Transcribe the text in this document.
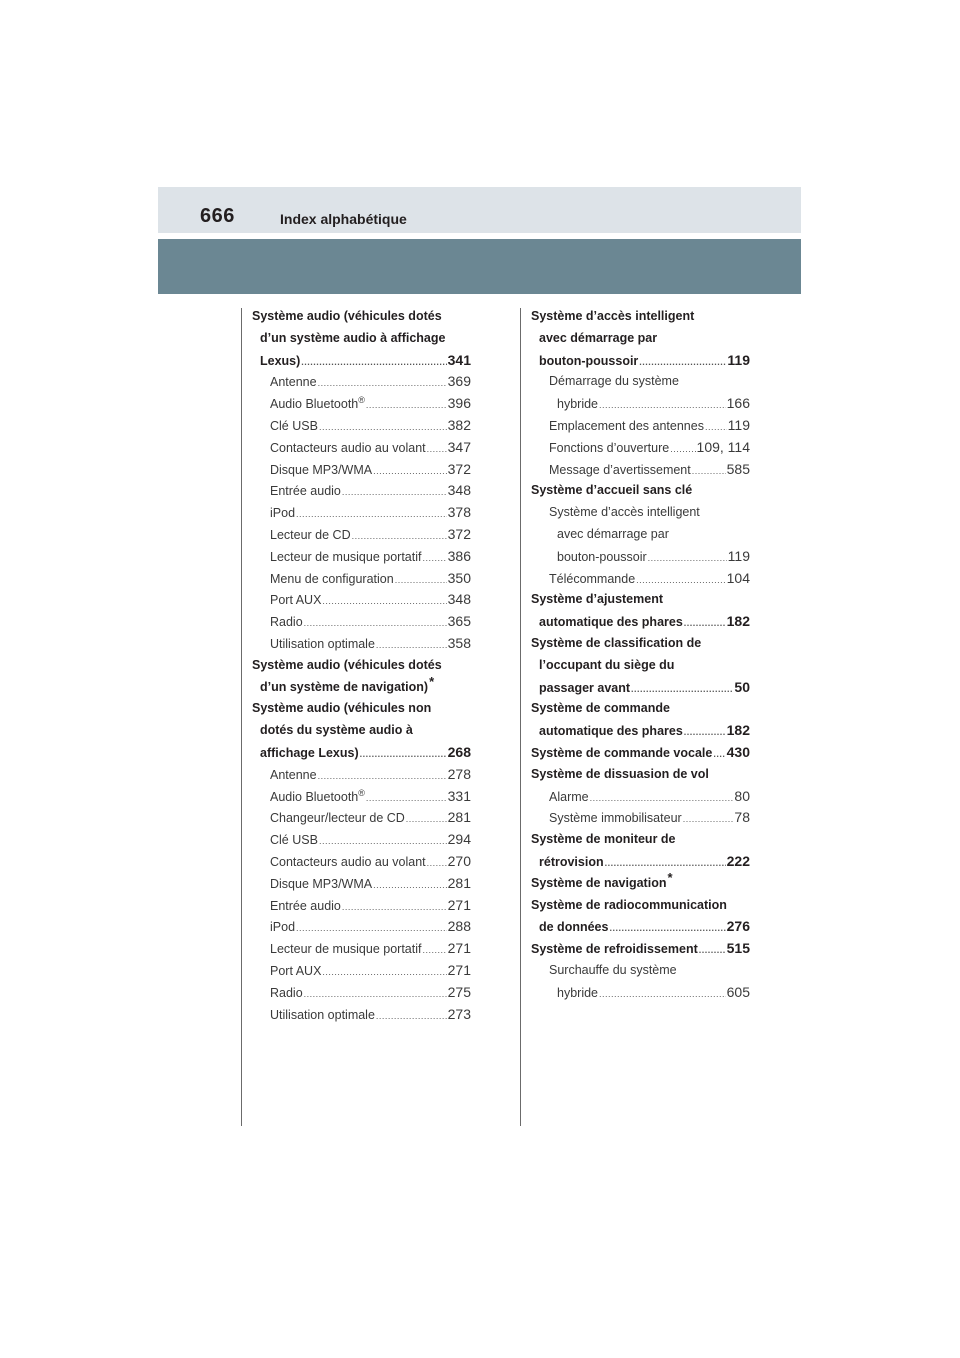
666	Index alphabétique
Système audio (véhicules dotés
d’un système audio à affichage
Lexus) .....	341
Antenne .....	369
Audio Bluetooth® .....	396
Clé USB .....	382
Contacteurs audio au volant ..... 347
Disque MP3/WMA .....	372
Entrée audio .....	348
iPod .....	378
Lecteur de CD .....	372
Lecteur de musique portatif ..... 386
Menu de configuration .....	350
Port AUX .....	348
Radio .....	365
Utilisation optimale .....	358
Système audio (véhicules dotés
d’un système de navigation)*
Système audio (véhicules non
dotés du système audio à
affichage Lexus) .....	268
Antenne .....	278
Audio Bluetooth® .....	331
Changeur/lecteur de CD .....	281
Clé USB .....	294
Contacteurs audio au volant ..... 270
Disque MP3/WMA .....	281
Entrée audio .....	271
iPod .....	288
Lecteur de musique portatif ..... 271
Port AUX .....	271
Radio .....	275
Utilisation optimale .....	273
Système d’accès intelligent
avec démarrage par
bouton-poussoir .....	119
Démarrage du système
hybride .....	166
Emplacement des antennes ..... 119
Fonctions d’ouverture ..... 109, 114
Message d’avertissement .....	585
Système d’accueil sans clé
Système d’accès intelligent
avec démarrage par
bouton-poussoir .....	119
Télécommande .....	104
Système d’ajustement
automatique des phares .....	182
Système de classification de
l’occupant du siège du
passager avant .....	50
Système de commande
automatique des phares .....	182
Système de commande vocale ..... 430
Système de dissuasion de vol
Alarme .....	80
Système immobilisateur .....	78
Système de moniteur de
rétrovision .....	222
Système de navigation*
Système de radiocommunication
de données .....	276
Système de refroidissement ..... 515
Surchauffe du système
hybride .....	605
